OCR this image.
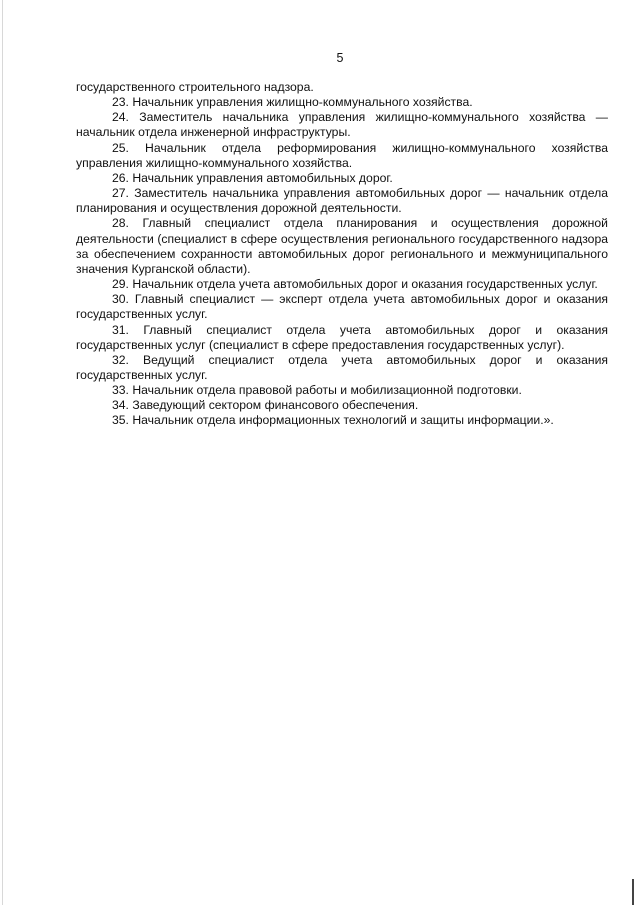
5

государственного строительного надзора.

23. Начальник управления жилищно-коммунального хозяйства.

24. Заместитель начальника управления жилищно-коммунального хозяйства — начальник отдела инженерной инфраструктуры.

25. Начальник отдела реформирования жилищно-коммунального хозяйства управления жилищно-коммунального хозяйства.

26. Начальник управления автомобильных дорог.

27. Заместитель начальника управления автомобильных дорог — начальник отдела планирования и осуществления дорожной деятельности.

28. Главный специалист отдела планирования и осуществления дорожной деятельности (специалист в сфере осуществления регионального государственного надзора за обеспечением сохранности автомобильных дорог регионального и межмуниципального значения Курганской области).

29. Начальник отдела учета автомобильных дорог и оказания государственных услуг.

30. Главный специалист — эксперт отдела учета автомобильных дорог и оказания государственных услуг.

31. Главный специалист отдела учета автомобильных дорог и оказания государственных услуг (специалист в сфере предоставления государственных услуг).

32. Ведущий специалист отдела учета автомобильных дорог и оказания государственных услуг.

33. Начальник отдела правовой работы и мобилизационной подготовки.

34. Заведующий сектором финансового обеспечения.

35. Начальник отдела информационных технологий и защиты информации.».
